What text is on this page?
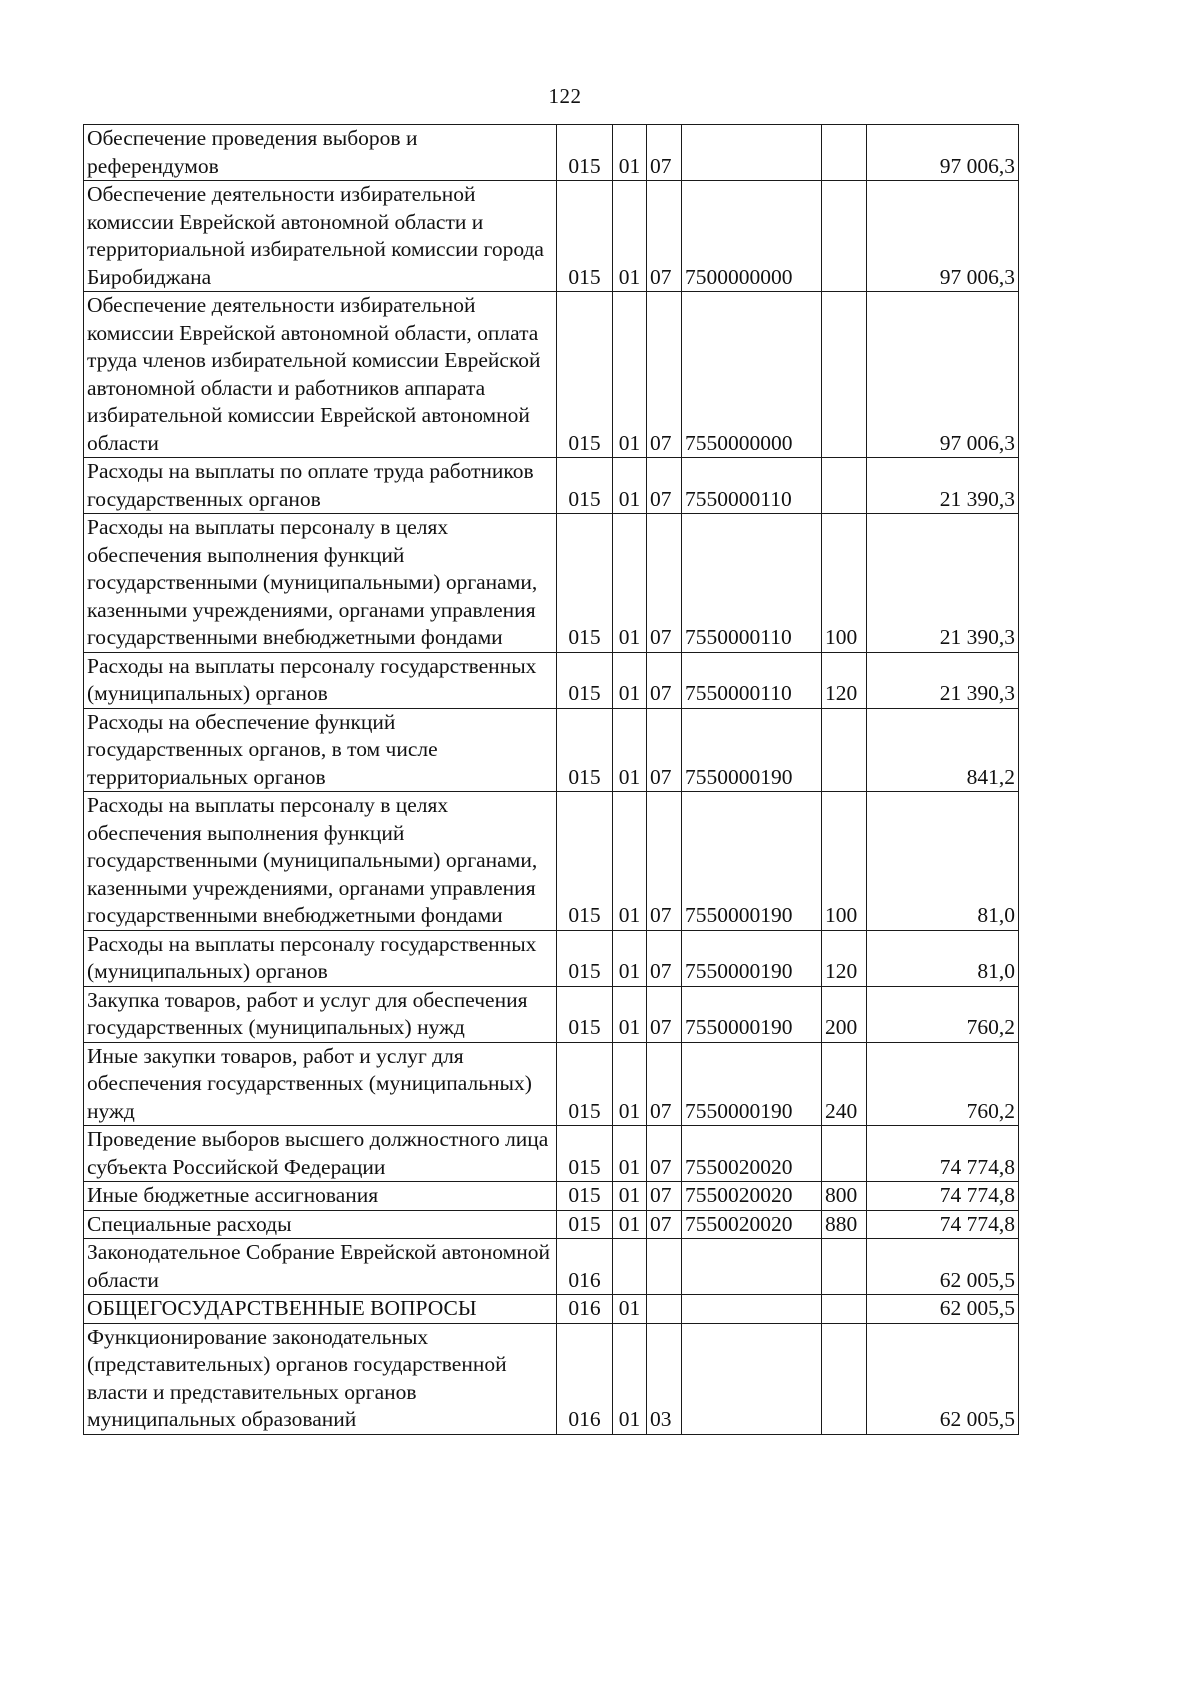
122
Обеспечение проведения выборов и референдумов	015	01	07			97 006,3
Обеспечение деятельности избирательной комиссии Еврейской автономной области и территориальной избирательной комиссии города Биробиджана	015	01	07	7500000000		97 006,3
Обеспечение деятельности избирательной комиссии Еврейской автономной области, оплата труда членов избирательной комиссии Еврейской автономной области и работников аппарата избирательной комиссии Еврейской автономной области	015	01	07	7550000000		97 006,3
Расходы на выплаты по оплате труда работников государственных органов	015	01	07	7550000110		21 390,3
Расходы на выплаты персоналу в целях обеспечения выполнения функций государственными (муниципальными) органами, казенными учреждениями, органами управления государственными внебюджетными фондами	015	01	07	7550000110	100	21 390,3
Расходы на выплаты персоналу государственных (муниципальных) органов	015	01	07	7550000110	120	21 390,3
Расходы на обеспечение функций государственных органов, в том числе территориальных органов	015	01	07	7550000190		841,2
Расходы на выплаты персоналу в целях обеспечения выполнения функций государственными (муниципальными) органами, казенными учреждениями, органами управления государственными внебюджетными фондами	015	01	07	7550000190	100	81,0
Расходы на выплаты персоналу государственных (муниципальных) органов	015	01	07	7550000190	120	81,0
Закупка товаров, работ и услуг для обеспечения государственных (муниципальных) нужд	015	01	07	7550000190	200	760,2
Иные закупки товаров, работ и услуг для обеспечения государственных (муниципальных) нужд	015	01	07	7550000190	240	760,2
Проведение выборов высшего должностного лица субъекта Российской Федерации	015	01	07	7550020020		74 774,8
Иные бюджетные ассигнования	015	01	07	7550020020	800	74 774,8
Специальные расходы	015	01	07	7550020020	880	74 774,8
Законодательное Собрание Еврейской автономной области	016					62 005,5
ОБЩЕГОСУДАРСТВЕННЫЕ ВОПРОСЫ	016	01				62 005,5
Функционирование законодательных (представительных) органов государственной власти и представительных органов муниципальных образований	016	01	03			62 005,5
